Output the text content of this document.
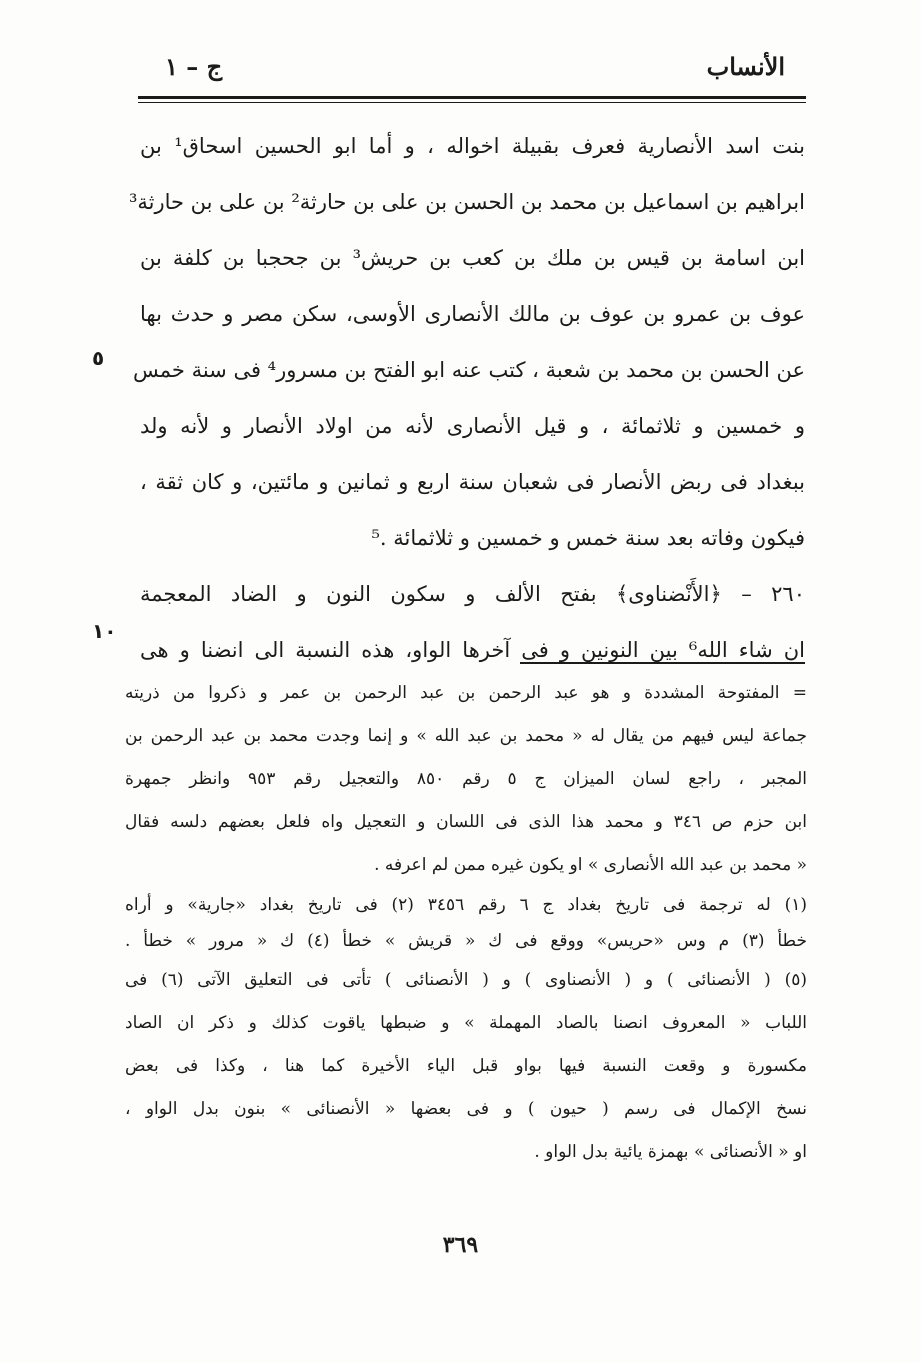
الأنساب
ج – ١
بنت اسد الأنصارية فعرف بقبيلة اخواله ، و أما ابو الحسين اسحاق¹ بن
ابراهيم بن اسماعيل بن محمد بن الحسن بن على بن حارثة² بن على بن حارثة³
ابن اسامة بن قيس بن ملك بن كعب بن حريش³ بن جحجبا بن كلفة بن
عوف بن عمرو بن عوف بن مالك الأنصارى الأوسى، سكن مصر و حدث بها
عن الحسن بن محمد بن شعبة ، كتب عنه ابو الفتح بن مسرور⁴ فى سنة خمس
و خمسين و ثلاثمائة ، و قيل الأنصارى لأنه من اولاد الأنصار و لأنه ولد
ببغداد فى ربض الأنصار فى شعبان سنة اربع و ثمانين و مائتين، و كان ثقة ،
فيكون وفاته بعد سنة خمس و خمسين و ثلاثمائة .⁵
٢٦٠ – ﴿الأَنْضناوى﴾ بفتح الألف و سكون النون و الضاد المعجمة
ان شاء الله⁶ بين النونين و فى آخرها الواو، هذه النسبة الى انضنا و هى
٥
١٠
= المفتوحة المشددة و هو عبد الرحمن بن عبد الرحمن بن عمر و ذكروا من ذريته
جماعة ليس فيهم من يقال له « محمد بن عبد الله » و إنما وجدت محمد بن عبد الرحمن بن
المجبر ، راجع لسان الميزان ج ٥ رقم ٨٥٠ والتعجيل رقم ٩٥٣ وانظر جمهرة
ابن حزم ص ٣٤٦ و محمد هذا الذى فى اللسان و التعجيل واه فلعل بعضهم دلسه فقال
« محمد بن عبد الله الأنصارى » او يكون غيره ممن لم اعرفه .
(١) له ترجمة فى تاريخ بغداد ج ٦ رقم ٣٤٥٦ (٢) فى تاريخ بغداد «جارية» و أراه
خطأ (٣) م وس «حريس» ووقع فى ك « قريش » خطأ (٤) ك « مرور » خطأ .
(٥) ( الأنصنائى ) و ( الأنصناوى ) و ( الأنصنائى ) تأتى فى التعليق الآتى (٦) فى
اللباب « المعروف انصنا بالصاد المهملة » و ضبطها ياقوت كذلك و ذكر ان الصاد
مكسورة و وقعت النسبة فيها بواو قبل الياء الأخيرة كما هنا ، وكذا فى بعض
نسخ الإكمال فى رسم ( حيون ) و فى بعضها « الأنصنائى » بنون بدل الواو ،
او « الأنصنائى » بهمزة يائية بدل الواو .
٣٦٩
